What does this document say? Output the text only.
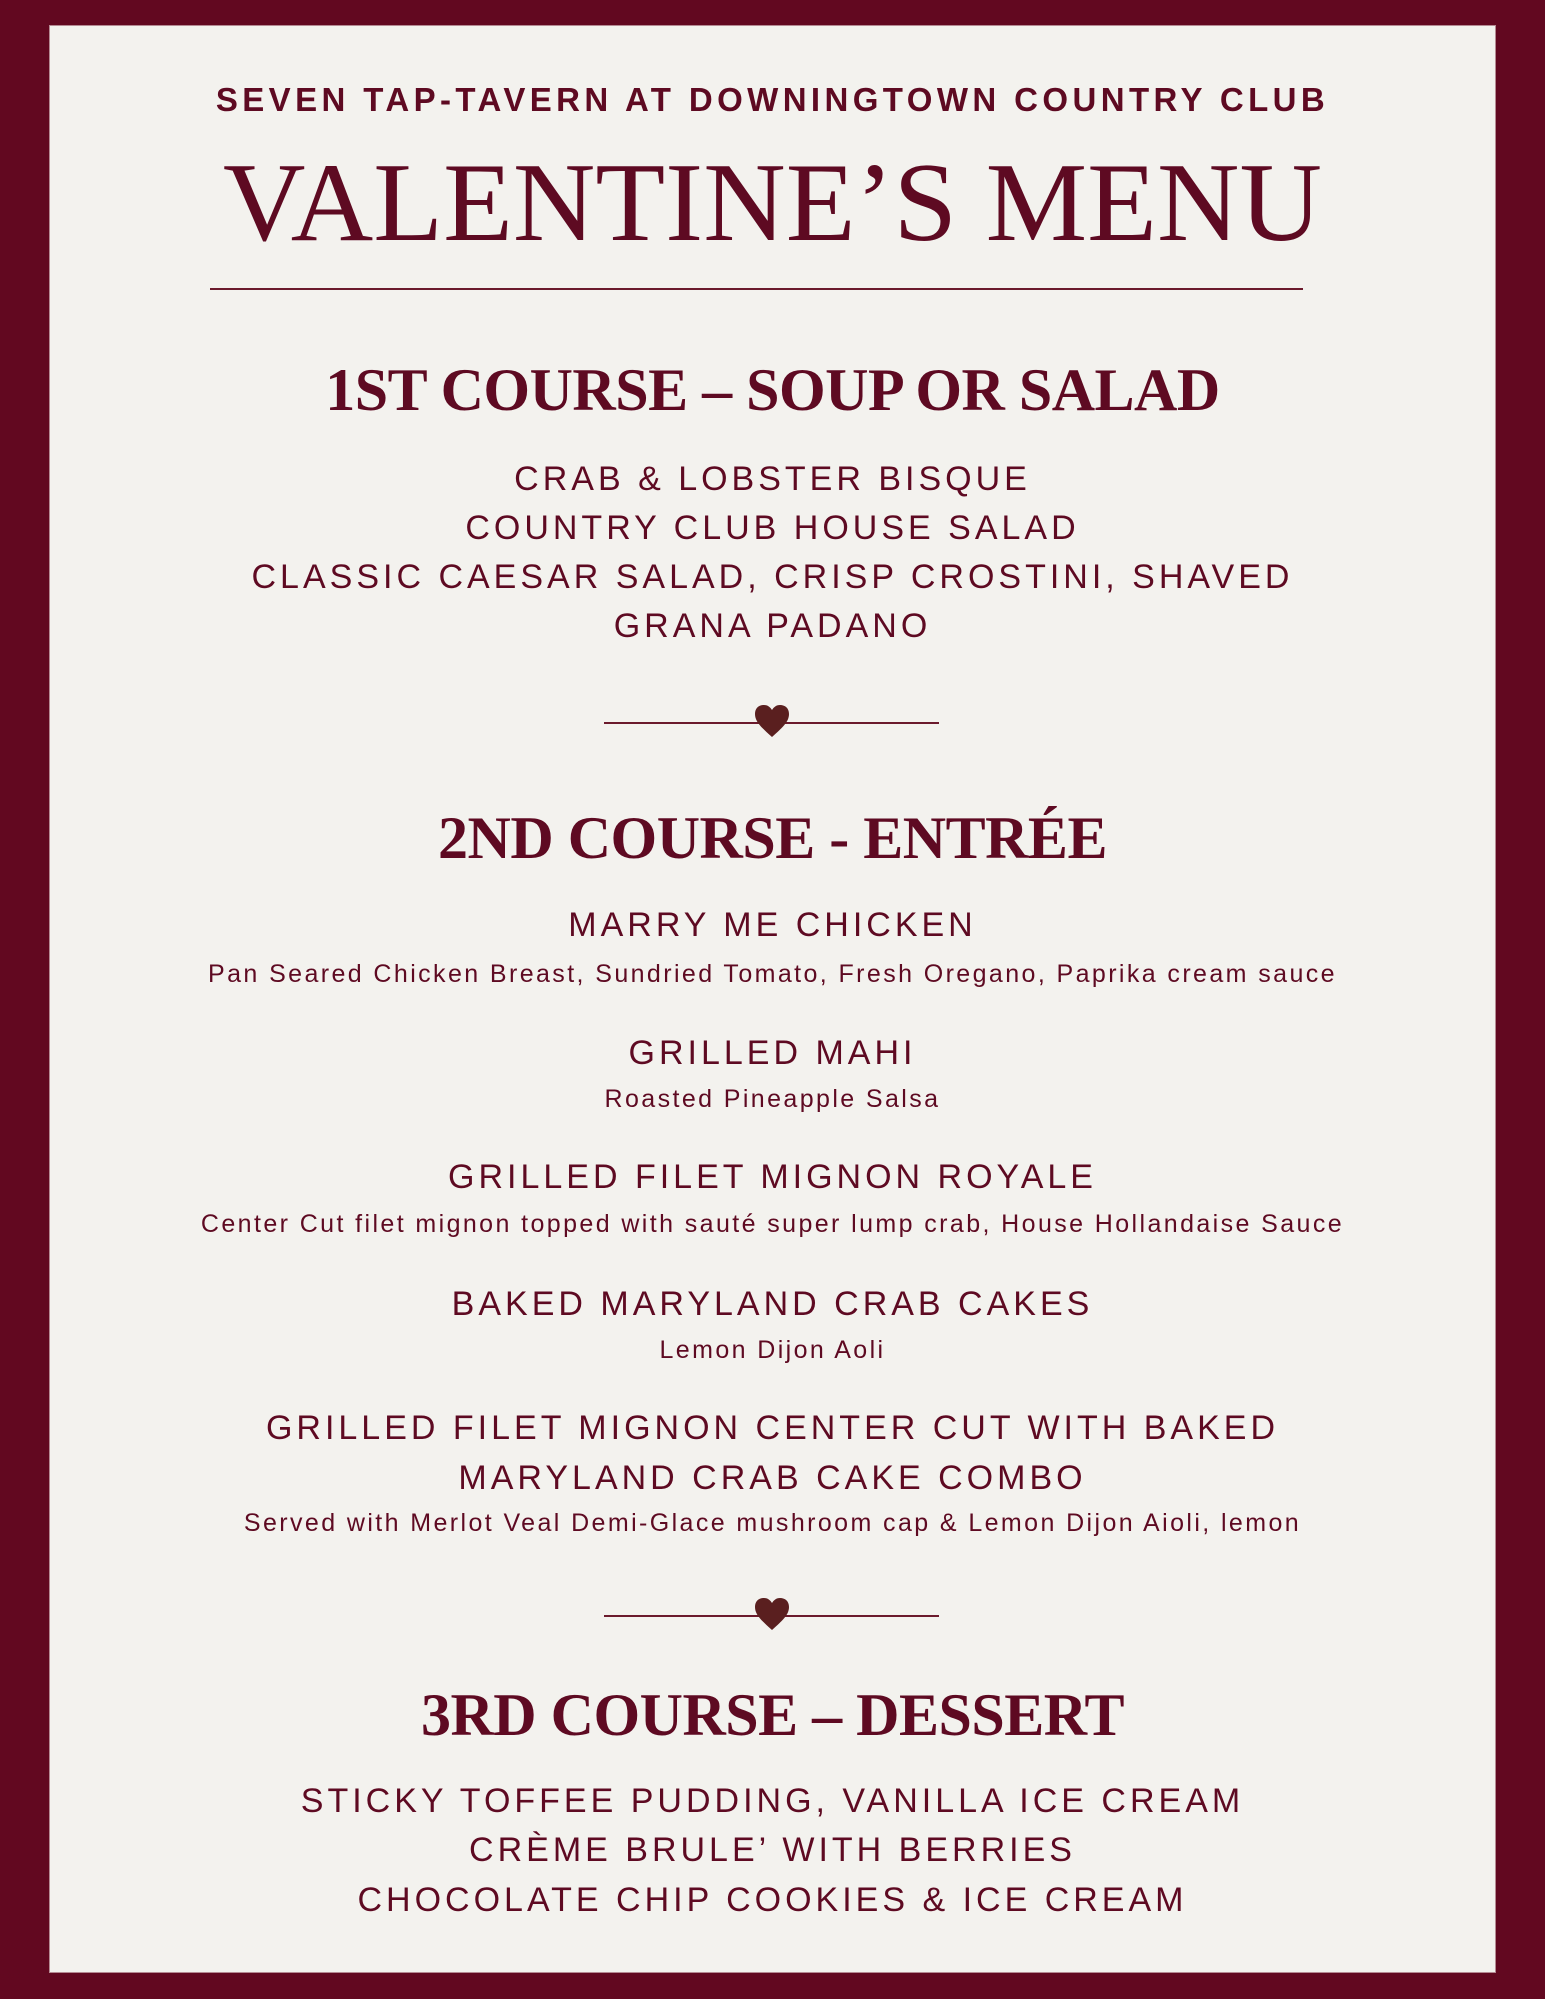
SEVEN TAP-TAVERN AT DOWNINGTOWN COUNTRY CLUB
VALENTINE’S MENU
1ST COURSE – SOUP OR SALAD
CRAB & LOBSTER BISQUE
COUNTRY CLUB HOUSE SALAD
CLASSIC CAESAR SALAD, CRISP CROSTINI, SHAVED
GRANA PADANO
2ND COURSE - ENTRÉE
MARRY ME CHICKEN
Pan Seared Chicken Breast, Sundried Tomato, Fresh Oregano, Paprika cream sauce
GRILLED MAHI
Roasted Pineapple Salsa
GRILLED FILET MIGNON ROYALE
Center Cut filet mignon topped with sauté super lump crab, House Hollandaise Sauce
BAKED MARYLAND CRAB CAKES
Lemon Dijon Aoli
GRILLED FILET MIGNON CENTER CUT WITH BAKED
MARYLAND CRAB CAKE COMBO
Served with Merlot Veal Demi-Glace mushroom cap & Lemon Dijon Aioli, lemon
3RD COURSE – DESSERT
STICKY TOFFEE PUDDING, VANILLA ICE CREAM
CRÈME BRULE’ WITH BERRIES
CHOCOLATE CHIP COOKIES & ICE CREAM
